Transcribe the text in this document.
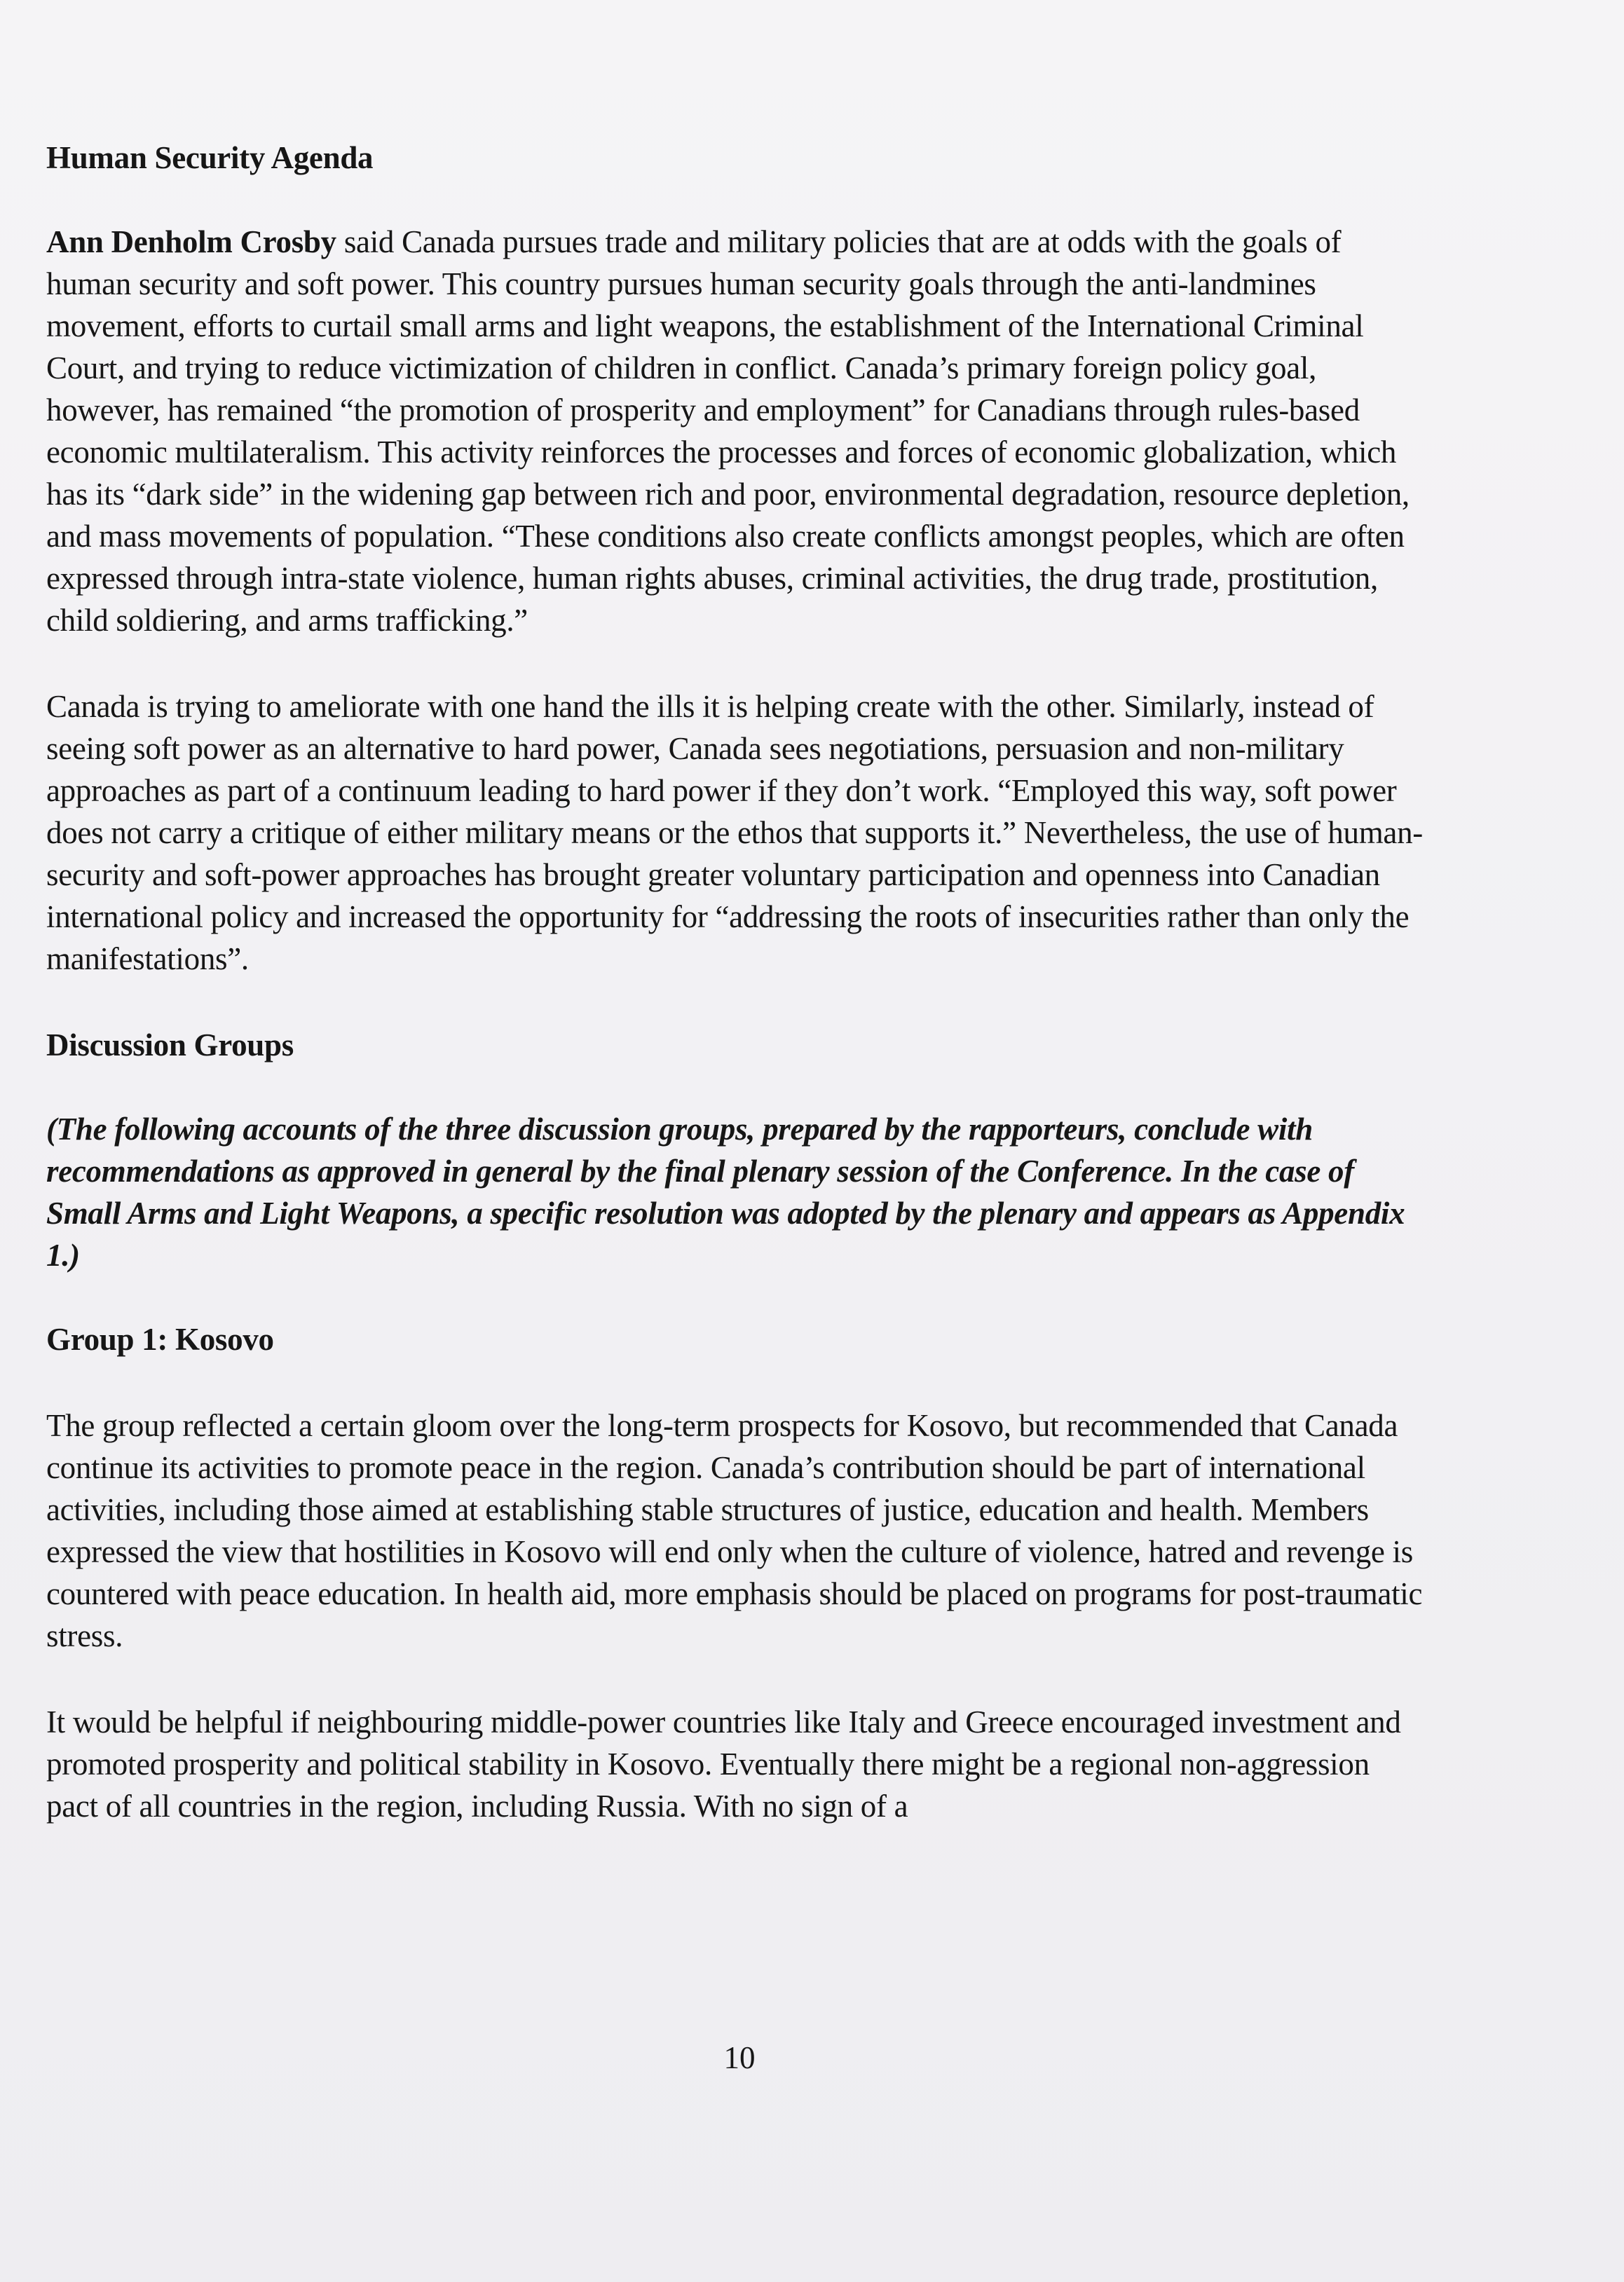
Human Security Agenda

Ann Denholm Crosby said Canada pursues trade and military policies that are at odds with the goals of human security and soft power. This country pursues human security goals through the anti-landmines movement, efforts to curtail small arms and light weapons, the establishment of the International Criminal Court, and trying to reduce victimization of children in conflict. Canada’s primary foreign policy goal, however, has remained “the promotion of prosperity and employment” for Canadians through rules-based economic multilateralism. This activity reinforces the processes and forces of economic globalization, which has its “dark side” in the widening gap between rich and poor, environmental degradation, resource depletion, and mass movements of population. “These conditions also create conflicts amongst peoples, which are often expressed through intra-state violence, human rights abuses, criminal activities, the drug trade, prostitution, child soldiering, and arms trafficking.”

Canada is trying to ameliorate with one hand the ills it is helping create with the other. Similarly, instead of seeing soft power as an alternative to hard power, Canada sees negotiations, persuasion and non-military approaches as part of a continuum leading to hard power if they don’t work. “Employed this way, soft power does not carry a critique of either military means or the ethos that supports it.” Nevertheless, the use of human-security and soft-power approaches has brought greater voluntary participation and openness into Canadian international policy and increased the opportunity for “addressing the roots of insecurities rather than only the manifestations”.

Discussion Groups

(The following accounts of the three discussion groups, prepared by the rapporteurs, conclude with recommendations as approved in general by the final plenary session of the Conference. In the case of Small Arms and Light Weapons, a specific resolution was adopted by the plenary and appears as Appendix 1.)

Group 1: Kosovo

The group reflected a certain gloom over the long-term prospects for Kosovo, but recommended that Canada continue its activities to promote peace in the region. Canada’s contribution should be part of international activities, including those aimed at establishing stable structures of justice, education and health. Members expressed the view that hostilities in Kosovo will end only when the culture of violence, hatred and revenge is countered with peace education. In health aid, more emphasis should be placed on programs for post-traumatic stress.

It would be helpful if neighbouring middle-power countries like Italy and Greece encouraged investment and promoted prosperity and political stability in Kosovo. Eventually there might be a regional non-aggression pact of all countries in the region, including Russia. With no sign of a

10
